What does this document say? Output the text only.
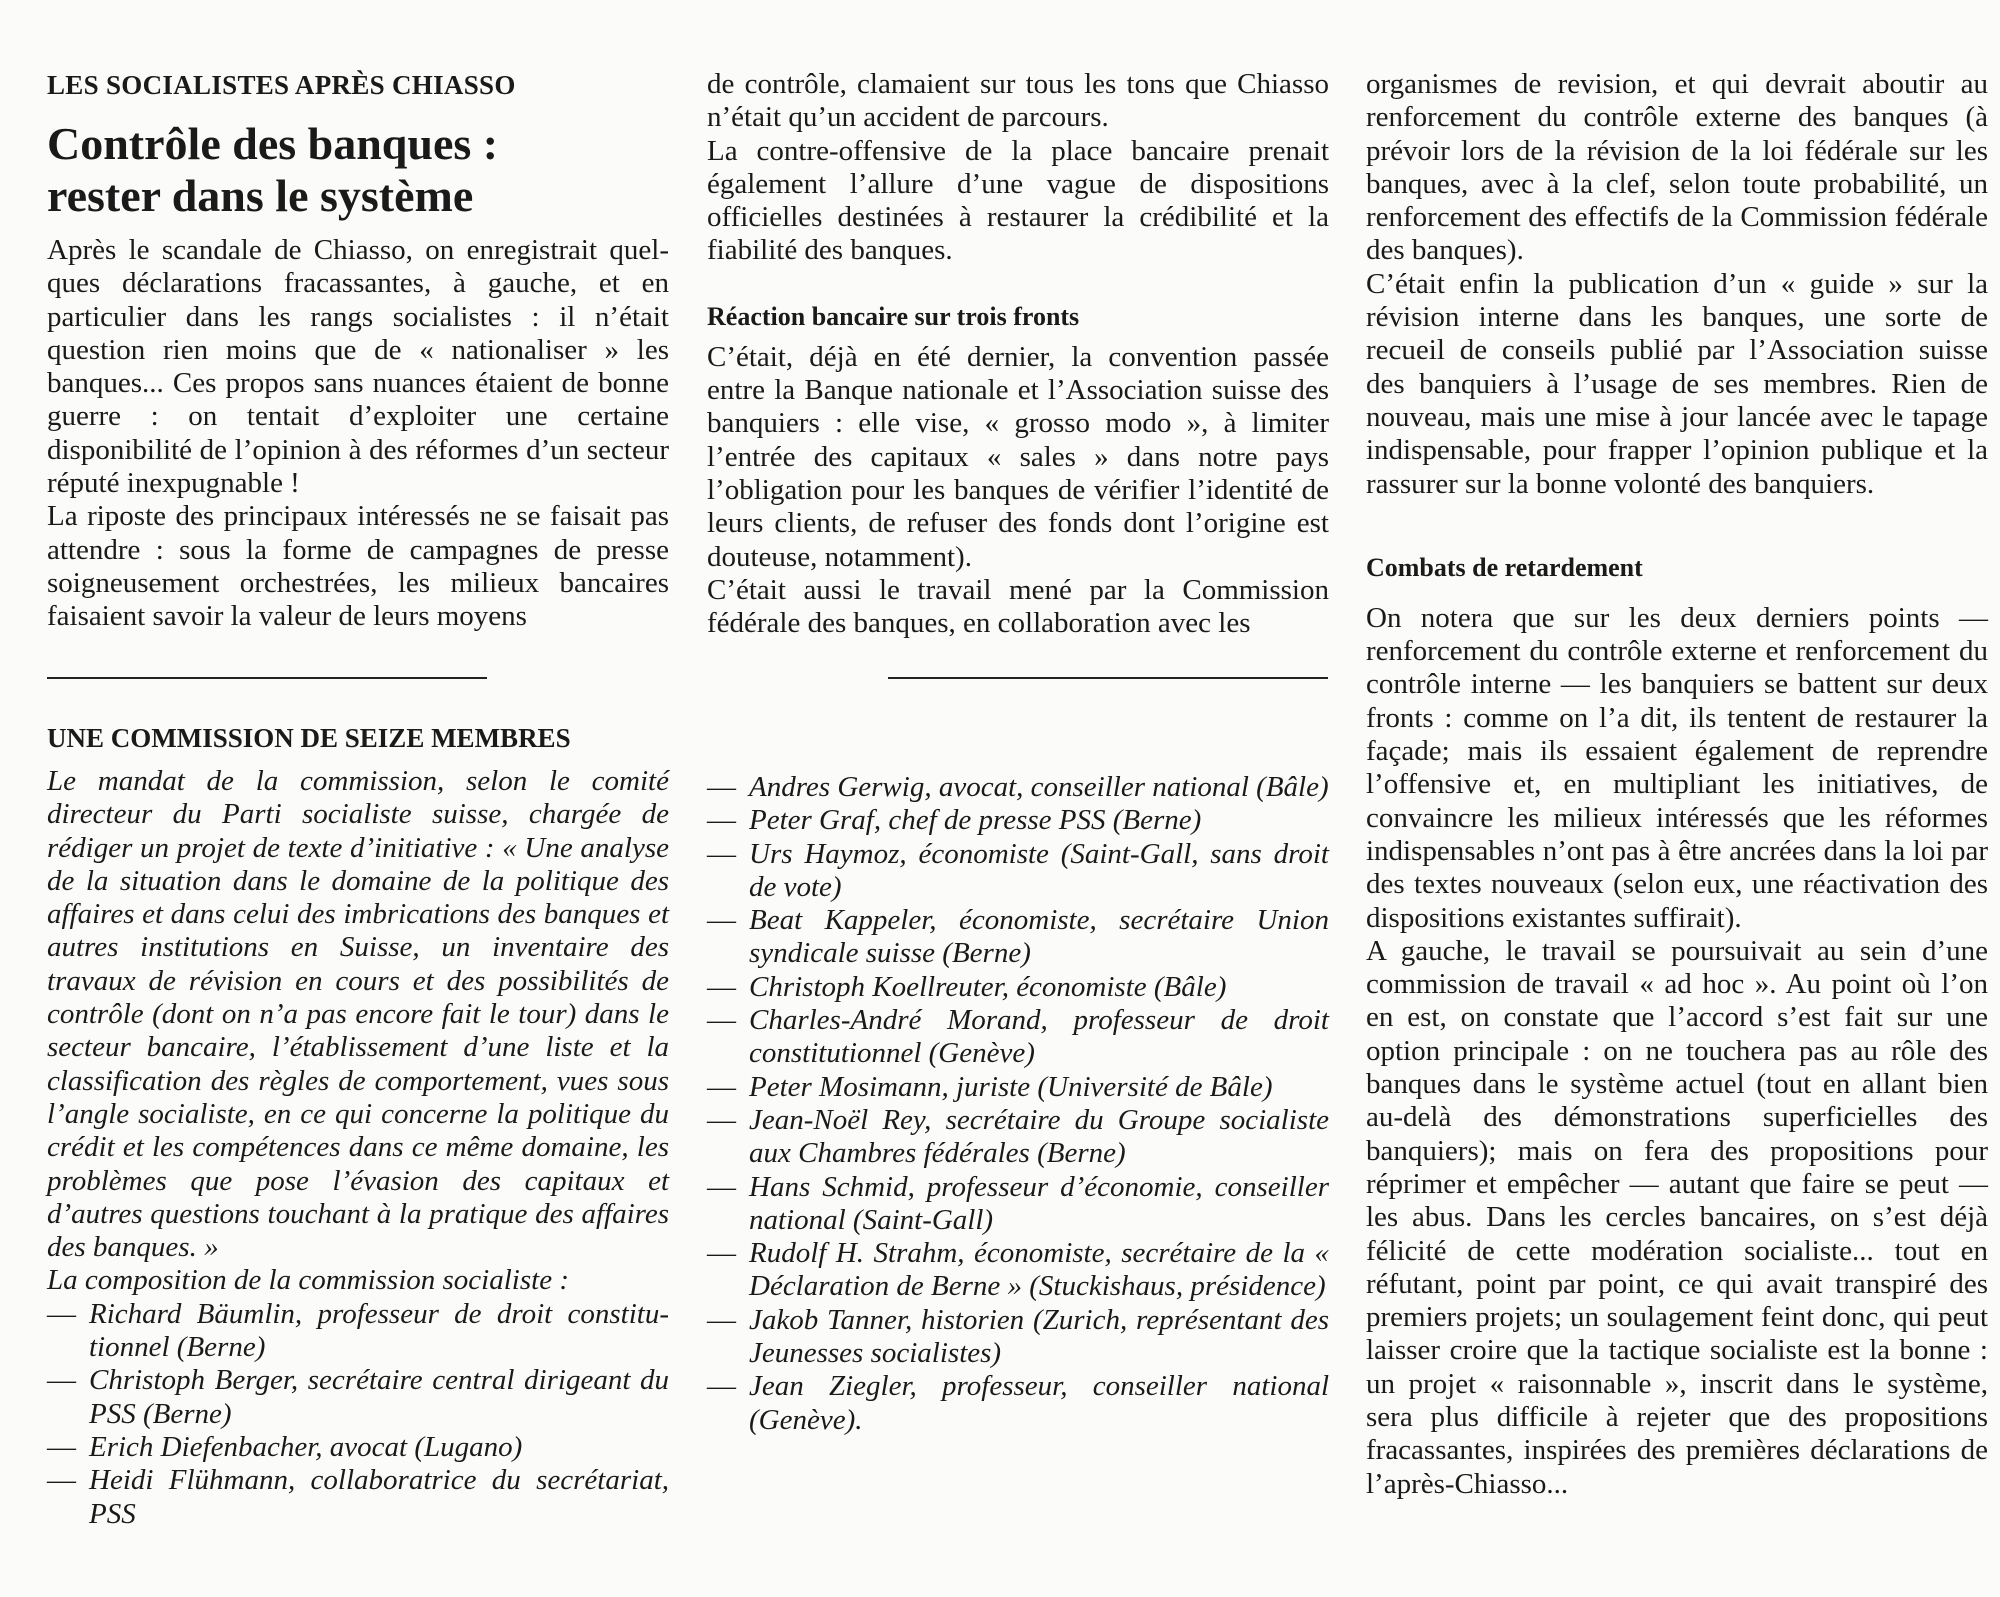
LES SOCIALISTES APRÈS CHIASSO
Contrôle des banques :
rester dans le système

Après le scandale de Chiasso, on enregistrait quelques déclarations fracassantes, à gauche, et en particulier dans les rangs socialistes : il n’était question rien moins que de « nationaliser » les banques... Ces propos sans nuances étaient de bonne guerre : on tentait d’exploiter une certaine disponibilité de l’opinion à des réformes d’un secteur réputé inexpugnable !

La riposte des principaux intéressés ne se faisait pas attendre : sous la forme de campagnes de presse soigneusement orchestrées, les milieux bancaires faisaient savoir la valeur de leurs moyens

de contrôle, clamaient sur tous les tons que Chiasso n’était qu’un accident de parcours.

La contre-offensive de la place bancaire prenait également l’allure d’une vague de dispositions officielles destinées à restaurer la crédibilité et la fiabilité des banques.

Réaction bancaire sur trois fronts

C’était, déjà en été dernier, la convention passée entre la Banque nationale et l’Association suisse des banquiers : elle vise, « grosso modo », à limiter l’entrée des capitaux « sales » dans notre pays l’obligation pour les banques de vérifier l’identité de leurs clients, de refuser des fonds dont l’origine est douteuse, notamment).

C’était aussi le travail mené par la Commission fédérale des banques, en collaboration avec les

organismes de revision, et qui devrait aboutir au renforcement du contrôle externe des banques (à prévoir lors de la révision de la loi fédérale sur les banques, avec à la clef, selon toute probabilité, un renforcement des effectifs de la Commission fédérale des banques).

C’était enfin la publication d’un « guide » sur la révision interne dans les banques, une sorte de recueil de conseils publié par l’Association suisse des banquiers à l’usage de ses membres. Rien de nouveau, mais une mise à jour lancée avec le tapage indispensable, pour frapper l’opinion publique et la rassurer sur la bonne volonté des banquiers.

Combats de retardement

On notera que sur les deux derniers points — renforcement du contrôle externe et renforcement du contrôle interne — les banquiers se battent sur deux fronts : comme on l’a dit, ils tentent de restaurer la façade; mais ils essaient également de reprendre l’offensive et, en multipliant les initiatives, de convaincre les milieux intéressés que les réformes indispensables n’ont pas à être ancrées dans la loi par des textes nouveaux (selon eux, une réactivation des dispositions existantes suffirait).

A gauche, le travail se poursuivait au sein d’une commission de travail « ad hoc ». Au point où l’on en est, on constate que l’accord s’est fait sur une option principale : on ne touchera pas au rôle des banques dans le système actuel (tout en allant bien au-delà des démonstrations superficielles des banquiers); mais on fera des propositions pour réprimer et empêcher — autant que faire se peut — les abus. Dans les cercles bancaires, on s’est déjà félicité de cette modération socialiste... tout en réfutant, point par point, ce qui avait transpiré des premiers projets; un soulagement feint donc, qui peut laisser croire que la tactique socialiste est la bonne : un projet « raisonnable », inscrit dans le système, sera plus difficile à rejeter que des propositions fracassantes, inspirées des premières déclarations de l’après-Chiasso...

UNE COMMISSION DE SEIZE MEMBRES

Le mandat de la commission, selon le comité directeur du Parti socialiste suisse, chargée de rédiger un projet de texte d’initiative : « Une analyse de la situation dans le domaine de la politique des affaires et dans celui des imbrications des banques et autres institutions en Suisse, un inventaire des travaux de révision en cours et des possibilités de contrôle (dont on n’a pas encore fait le tour) dans le secteur bancaire, l’établissement d’une liste et la classification des règles de comportement, vues sous l’angle socialiste, en ce qui concerne la politique du crédit et les compétences dans ce même domaine, les problèmes que pose l’évasion des capitaux et d’autres questions touchant à la pratique des affaires des banques. »

La composition de la commission socialiste :

— Richard Bäumlin, professeur de droit constitutionnel (Berne)
— Christoph Berger, secrétaire central dirigeant du PSS (Berne)
— Erich Diefenbacher, avocat (Lugano)
— Heidi Flühmann, collaboratrice du secrétariat, PSS
— Andres Gerwig, avocat, conseiller national (Bâle)
— Peter Graf, chef de presse PSS (Berne)
— Urs Haymoz, économiste (Saint-Gall, sans droit de vote)
— Beat Kappeler, économiste, secrétaire Union syndicale suisse (Berne)
— Christoph Koellreuter, économiste (Bâle)
— Charles-André Morand, professeur de droit constitutionnel (Genève)
— Peter Mosimann, juriste (Université de Bâle)
— Jean-Noël Rey, secrétaire du Groupe socialiste aux Chambres fédérales (Berne)
— Hans Schmid, professeur d’économie, conseiller national (Saint-Gall)
— Rudolf H. Strahm, économiste, secrétaire de la « Déclaration de Berne » (Stuckishaus, présidence)
— Jakob Tanner, historien (Zurich, représentant des Jeunesses socialistes)
— Jean Ziegler, professeur, conseiller national (Genève).
